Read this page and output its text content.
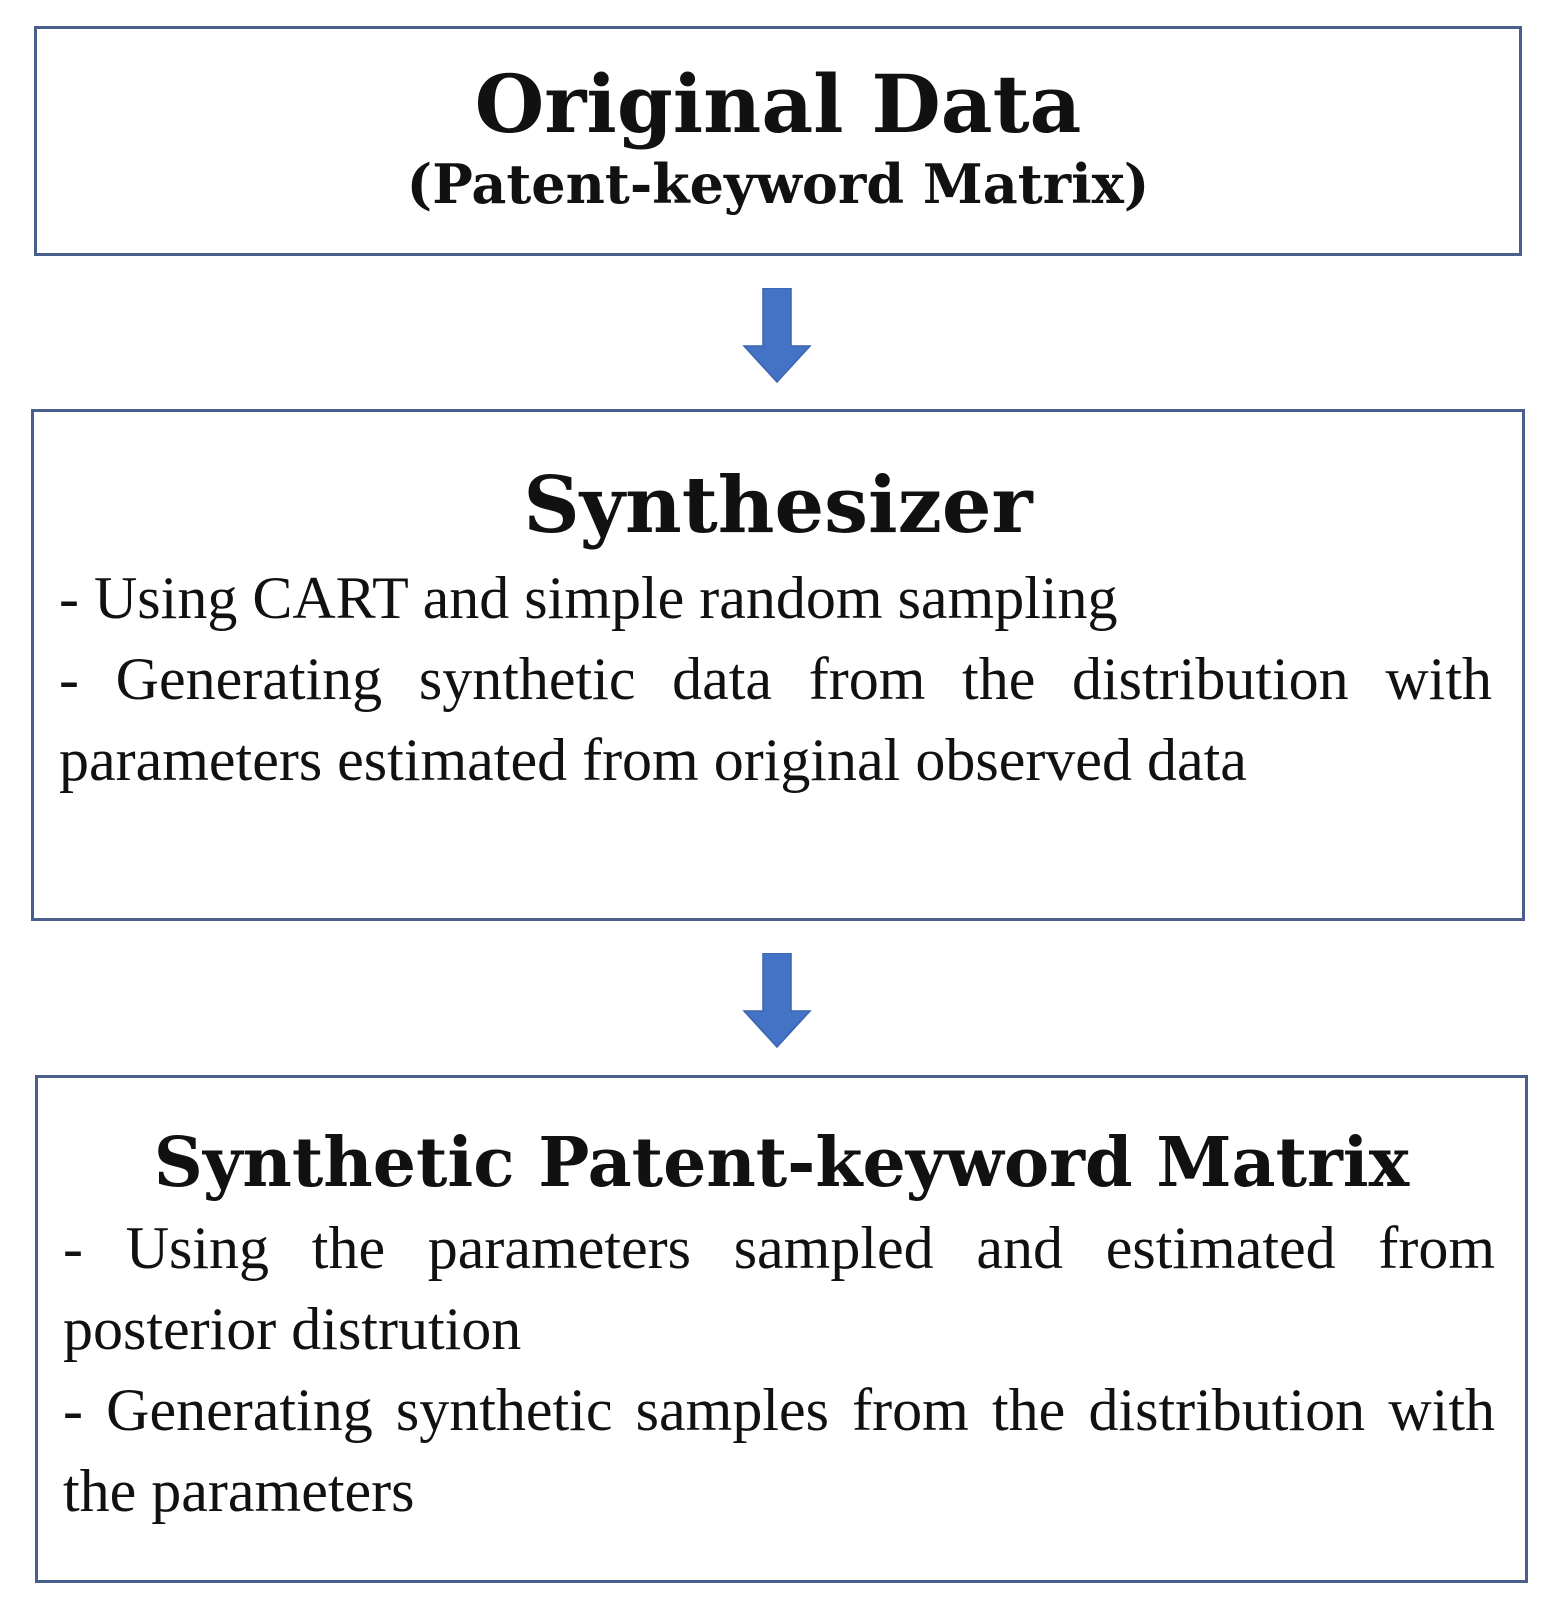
Original Data

(Patent-keyword Matrix)

Synthesizer

- Using CART and simple random sampling

- Generating synthetic data from the distribution with parameters estimated from original observed data

Synthetic Patent-keyword Matrix

- Using the parameters sampled and estimated from posterior distrution

- Generating synthetic samples from the distribution with the parameters
